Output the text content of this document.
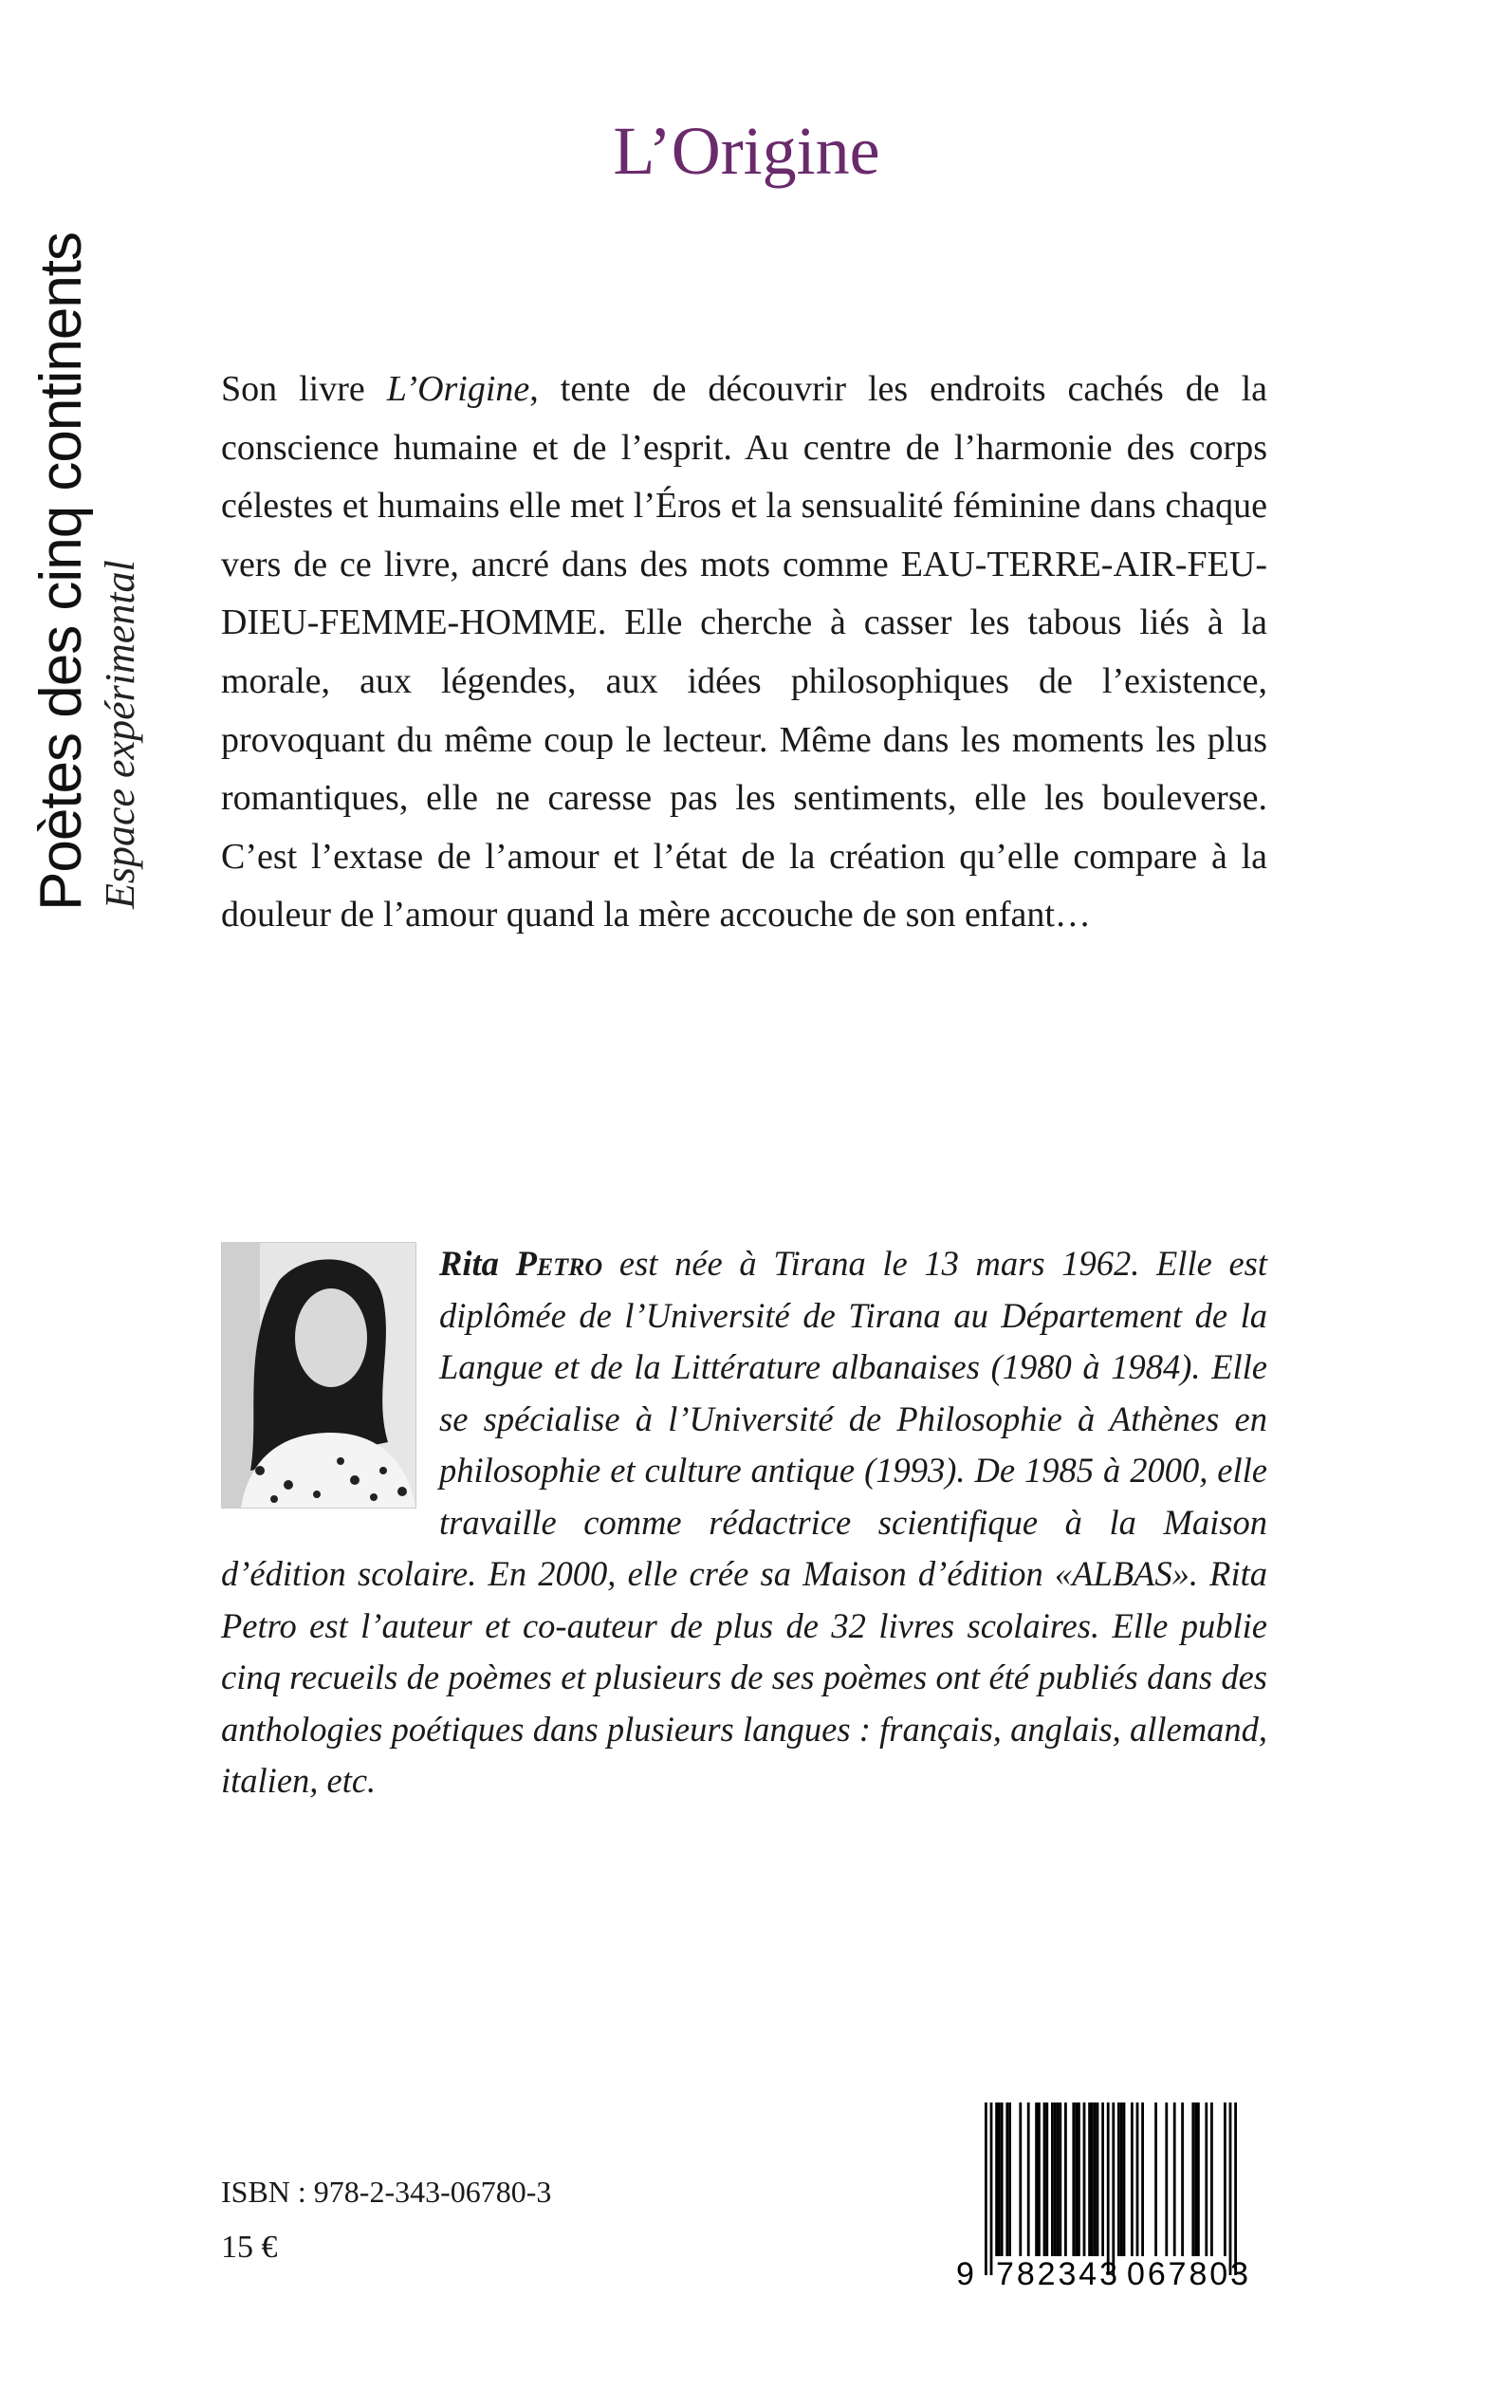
Poètes des cinq continents Espace expérimental
L’Origine

Son livre L’Origine, tente de découvrir les endroits cachés de la conscience humaine et de l’esprit. Au centre de l’harmonie des corps célestes et humains elle met l’Éros et la sensualité féminine dans chaque vers de ce livre, ancré dans des mots comme EAU-TERRE-AIR-FEU-DIEU-FEMME-HOMME. Elle cherche à casser les tabous liés à la morale, aux légendes, aux idées philosophiques de l’existence, provoquant du même coup le lecteur. Même dans les moments les plus romantiques, elle ne caresse pas les sentiments, elle les bouleverse. C’est l’extase de l’amour et l’état de la création qu’elle compare à la douleur de l’amour quand la mère accouche de son enfant…

Rita Petro est née à Tirana le 13 mars 1962. Elle est diplômée de l’Université de Tirana au Département de la Langue et de la Littérature albanaises (1980 à 1984). Elle se spécialise à l’Université de Philosophie à Athènes en philosophie et culture antique (1993). De 1985 à 2000, elle travaille comme rédactrice scientifique à la Maison d’édition scolaire. En 2000, elle crée sa Maison d’édition «ALBAS». Rita Petro est l’auteur et co-auteur de plus de 32 livres scolaires. Elle publie cinq recueils de poèmes et plusieurs de ses poèmes ont été publiés dans des anthologies poétiques dans plusieurs langues : français, anglais, allemand, italien, etc.

ISBN : 978-2-343-06780-3
15 €
9 782343 067803
